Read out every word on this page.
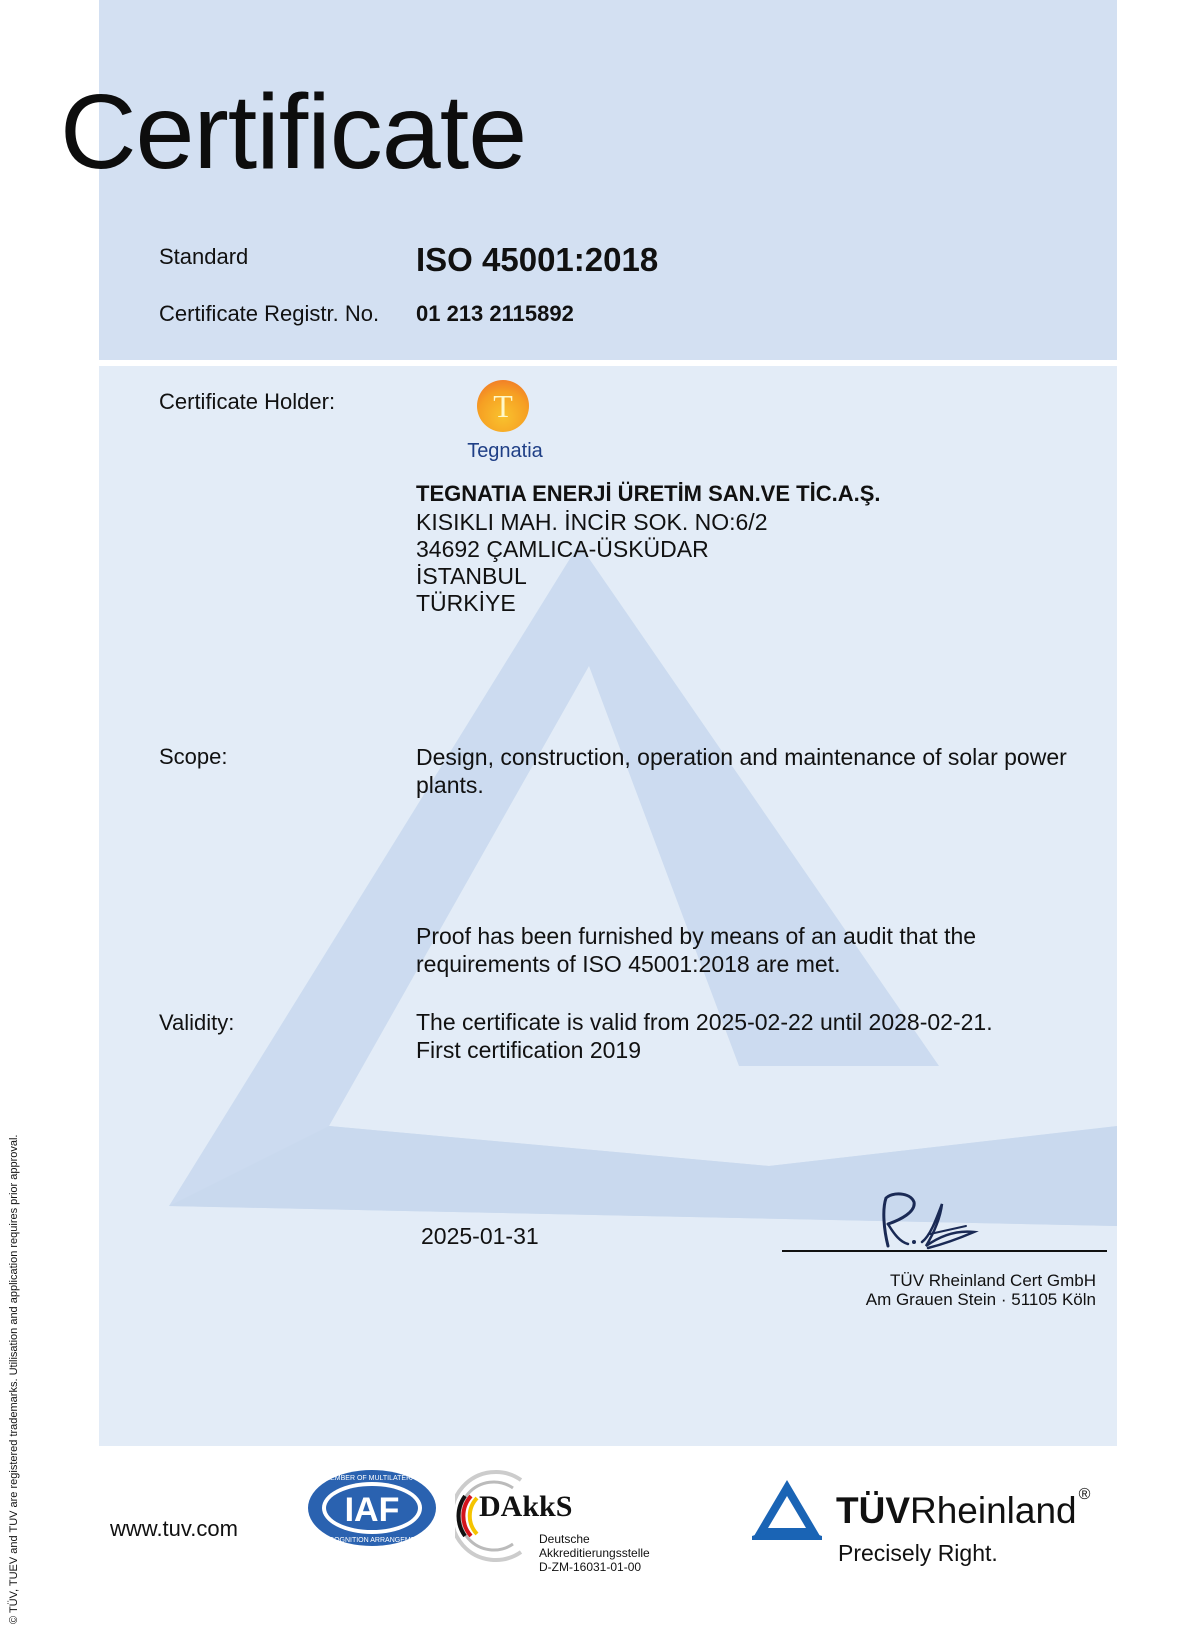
© TÜV, TUEV and TUV are registered trademarks. Utilisation and application requires prior approval.
Certificate
Standard	ISO 45001:2018
Certificate Registr. No. 01 213 2115892
Certificate Holder:	T
Tegnatia
TEGNATIA ENERJİ ÜRETİM SAN.VE TİC.A.Ş.
KISIKLI MAH. İNCİR SOK. NO:6/2
34692 ÇAMLICA-ÜSKÜDAR
İSTANBUL
TÜRKİYE
Scope:	Design, construction, operation and maintenance of solar power
plants.
Proof has been furnished by means of an audit that the
requirements of ISO 45001:2018 are met.
Validity:	The certificate is valid from 2025-02-22 until 2028-02-21.
First certification 2019
2025-01-31
TÜV Rheinland Cert GmbH
Am Grauen Stein · 51105 Köln
www.tuv.com
MEMBER OF MULTILATERAL
RECOGNITION ARRANGEMENT
IAF	DAkkS
Deutsche
Akkreditierungsstelle
D-ZM-16031-01-00
TÜVRheinland ®
Precisely Right.
